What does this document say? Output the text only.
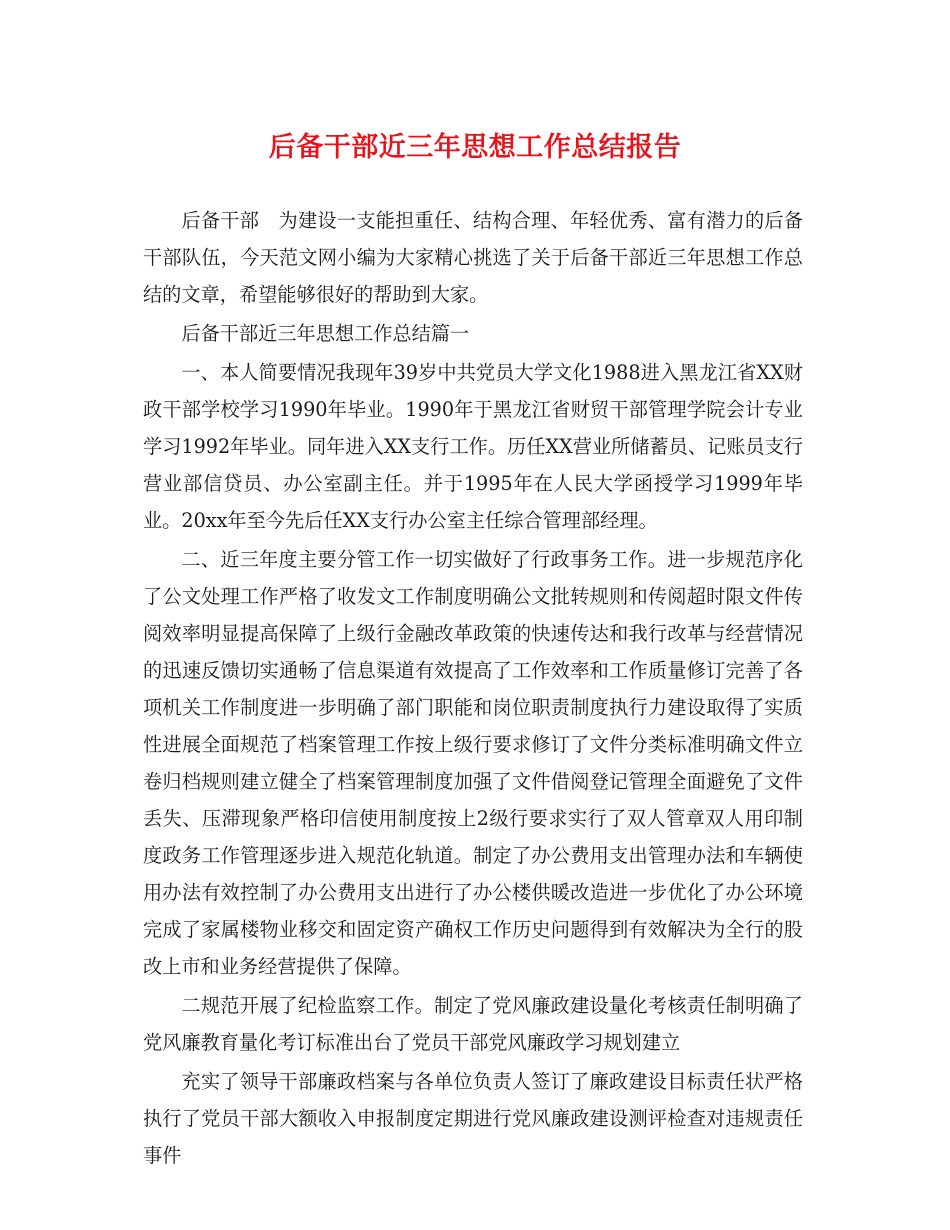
后备干部近三年思想工作总结报告

后备干部　为建设一支能担重任、结构合理、年轻优秀、富有潜力的后备干部队伍，今天范文网小编为大家精心挑选了关于后备干部近三年思想工作总结的文章，希望能够很好的帮助到大家。

后备干部近三年思想工作总结篇一

一、本人简要情况我现年39岁中共党员大学文化1988进入黑龙江省XX财政干部学校学习1990年毕业。1990年于黑龙江省财贸干部管理学院会计专业学习1992年毕业。同年进入XX支行工作。历任XX营业所储蓄员、记账员支行营业部信贷员、办公室副主任。并于1995年在人民大学函授学习1999年毕业。20xx年至今先后任XX支行办公室主任综合管理部经理。

二、近三年度主要分管工作一切实做好了行政事务工作。进一步规范序化了公文处理工作严格了收发文工作制度明确公文批转规则和传阅超时限文件传阅效率明显提高保障了上级行金融改革政策的快速传达和我行改革与经营情况的迅速反馈切实通畅了信息渠道有效提高了工作效率和工作质量修订完善了各项机关工作制度进一步明确了部门职能和岗位职责制度执行力建设取得了实质性进展全面规范了档案管理工作按上级行要求修订了文件分类标准明确文件立卷归档规则建立健全了档案管理制度加强了文件借阅登记管理全面避免了文件丢失、压滞现象严格印信使用制度按上2级行要求实行了双人管章双人用印制度政务工作管理逐步进入规范化轨道。制定了办公费用支出管理办法和车辆使用办法有效控制了办公费用支出进行了办公楼供暖改造进一步优化了办公环境完成了家属楼物业移交和固定资产确权工作历史问题得到有效解决为全行的股改上市和业务经营提供了保障。

二规范开展了纪检监察工作。制定了党风廉政建设量化考核责任制明确了党风廉教育量化考订标准出台了党员干部党风廉政学习规划建立

充实了领导干部廉政档案与各单位负责人签订了廉政建设目标责任状严格执行了党员干部大额收入申报制度定期进行党风廉政建设测评检查对违规责任事件
